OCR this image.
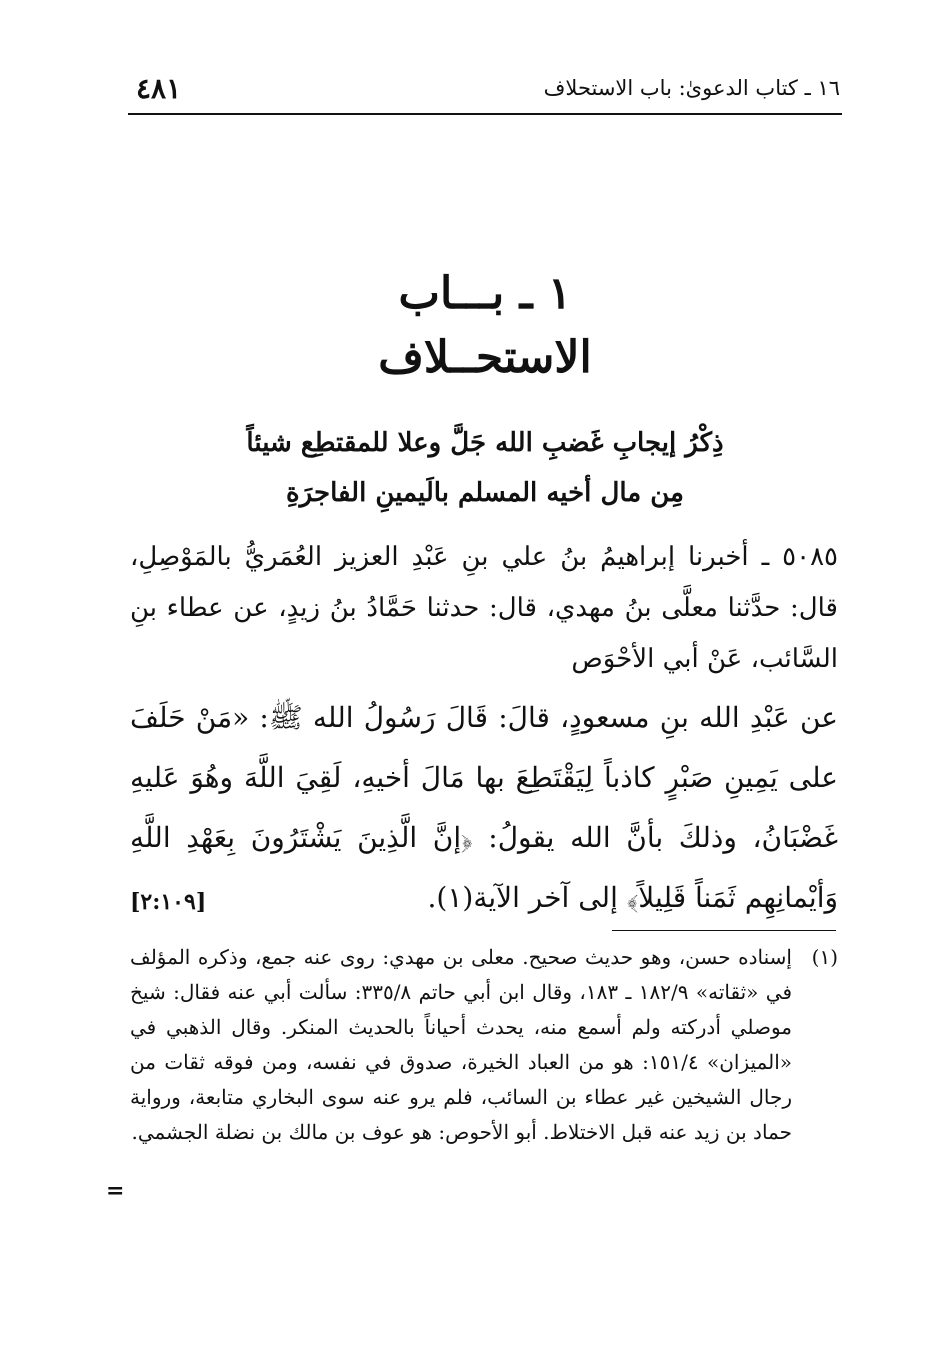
٤٨١	١٦ ـ كتاب الدعوىٰ: باب الاستحلاف
١ ـ بـــاب
الاستحــلاف
ذِكْرُ إيجابِ غَضبِ الله جَلَّ وعلا للمقتطِع شيئاً
مِن مال أخيه المسلم بالَيمينِ الفاجرَةِ
٥٠٨٥ ـ أخبرنا إبراهيمُ بنُ علي بنِ عَبْدِ العزيز العُمَريُّ بالمَوْصِلِ، قال: حدَّثنا معلَّى بنُ مهدي، قال: حدثنا حَمَّادُ بنُ زيدٍ، عن عطاء بنِ السَّائب، عَنْ أبي الأحْوَص
عن عَبْدِ الله بنِ مسعودٍ، قالَ: قَالَ رَسُولُ الله ﷺ: «مَنْ حَلَفَ على يَمِينِ صَبْرٍ كاذباً لِيَقْتَطِعَ بها مَالَ أخيهِ، لَقِيَ اللَّهَ وهُوَ عَليهِ غَضْبَانُ، وذلكَ بأنَّ الله يقولُ: ﴿إنَّ الَّذِينَ يَشْتَرُونَ بِعَهْدِ اللَّهِ وَأيْمانِهِم ثَمَناً قَلِيلاً﴾ إلى آخر الآية(١).
[٢:١٠٩]
(١)
إسناده حسن، وهو حديث صحيح. معلى بن مهدي: روى عنه جمع، وذكره المؤلف في «ثقاته» ١٨٢/٩ ـ ١٨٣، وقال ابن أبي حاتم ٣٣٥/٨: سألت أبي عنه فقال: شيخ موصلي أدركته ولم أسمع منه، يحدث أحياناً بالحديث المنكر. وقال الذهبي في «الميزان» ١٥١/٤: هو من العباد الخيرة، صدوق في نفسه، ومن فوقه ثقات من رجال الشيخين غير عطاء بن السائب، فلم يرو عنه سوى البخاري متابعة، ورواية حماد بن زيد عنه قبل الاختلاط. أبو الأحوص: هو عوف بن مالك بن نضلة الجشمي.
=
